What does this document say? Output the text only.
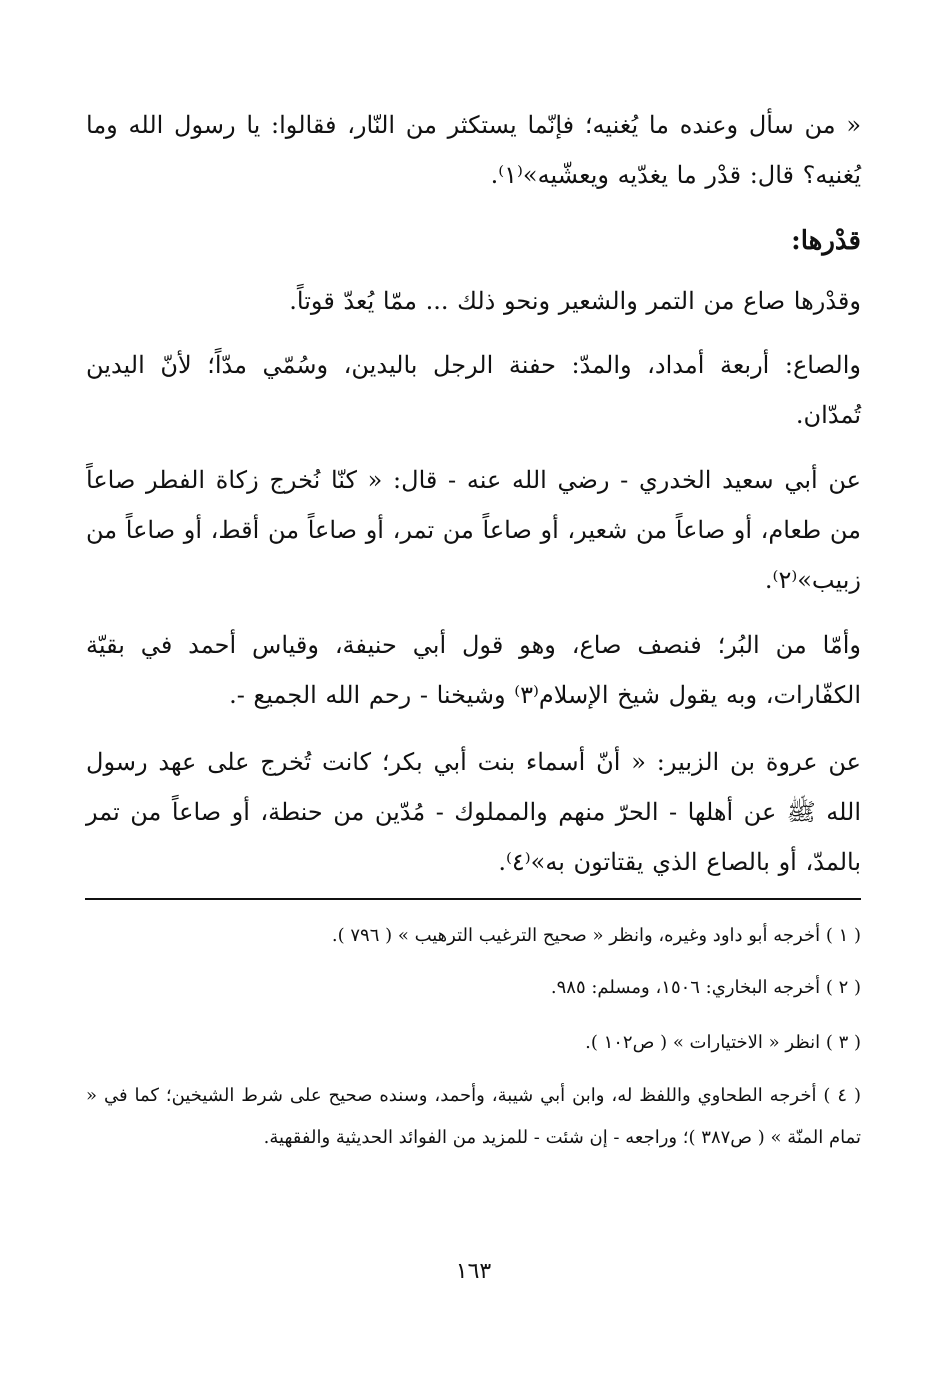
« من سأل وعنده ما يُغنيه؛ فإنّما يستكثر من النّار، فقالوا: يا رسول الله وما يُغنيه؟ قال: قدْر ما يغدّيه ويعشّيه»⁽١⁾.
قدْرها:
وقدْرها صاع من التمر والشعير ونحو ذلك ... ممّا يُعدّ قوتاً.
والصاع: أربعة أمداد، والمدّ: حفنة الرجل باليدين، وسُمّي مدّاً؛ لأنّ اليدين تُمدّان.
عن أبي سعيد الخدري - رضي الله عنه - قال: « كنّا نُخرج زكاة الفطر صاعاً من طعام، أو صاعاً من شعير، أو صاعاً من تمر، أو صاعاً من أقط، أو صاعاً من زبيب»⁽٢⁾.
وأمّا من البُر؛ فنصف صاع، وهو قول أبي حنيفة، وقياس أحمد في بقيّة الكفّارات، وبه يقول شيخ الإسلام⁽٣⁾ وشيخنا - رحم الله الجميع -.
عن عروة بن الزبير: « أنّ أسماء بنت أبي بكر؛ كانت تُخرج على عهد رسول الله ﷺ عن أهلها - الحرّ منهم والمملوك - مُدّين من حنطة، أو صاعاً من تمر بالمدّ، أو بالصاع الذي يقتاتون به»⁽٤⁾.
( ١ ) أخرجه أبو داود وغيره، وانظر « صحيح الترغيب الترهيب » ( ٧٩٦ ).
( ٢ ) أخرجه البخاري: ١٥٠٦، ومسلم: ٩٨٥.
( ٣ ) انظر « الاختيارات » ( ص١٠٢ ).
( ٤ ) أخرجه الطحاوي واللفظ له، وابن أبي شيبة، وأحمد، وسنده صحيح على شرط الشيخين؛ كما في « تمام المنّة » ( ص٣٨٧ )؛ وراجعه - إن شئت - للمزيد من الفوائد الحديثية والفقهية.
١٦٣
